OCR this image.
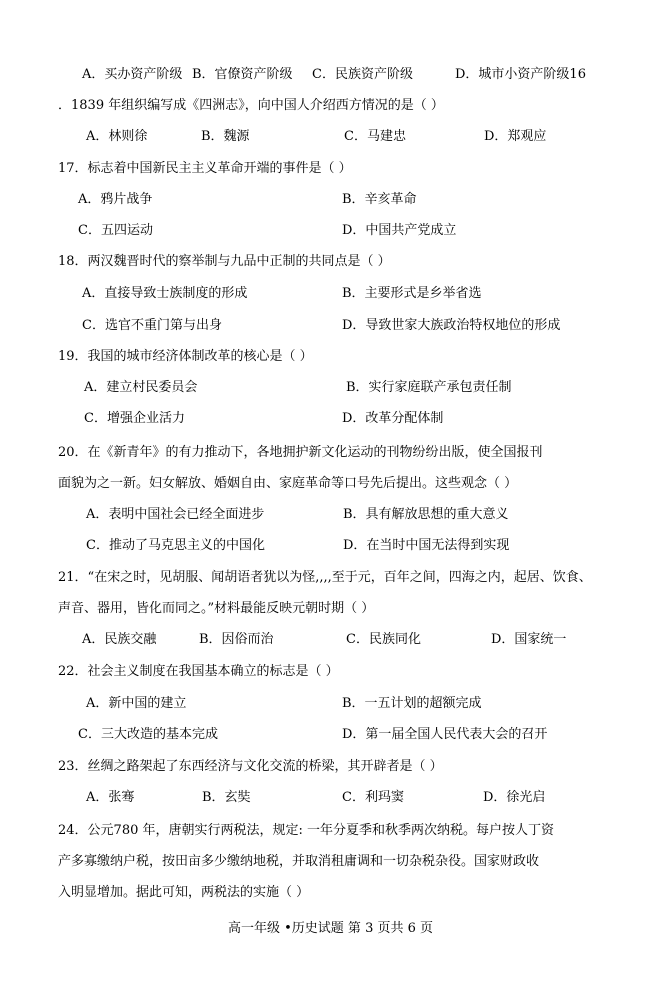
A．买办资产阶级 B．官僚资产阶级 C．民族资产阶级	D．城市小资产阶级16
．1839 年组织编写成《四洲志》，向中国人介绍西方情况的是（ ）
A．林则徐	B．魏源	C．马建忠	D．郑观应
17．标志着中国新民主主义革命开端的事件是（ ）
A．鸦片战争	B．辛亥革命
C．五四运动	D．中国共产党成立
18．两汉魏晋时代的察举制与九品中正制的共同点是（ ）
A．直接导致士族制度的形成	B．主要形式是乡举省选
C．选官不重门第与出身	D．导致世家大族政治特权地位的形成
19．我国的城市经济体制改革的核心是（ ）
A．建立村民委员会	B．实行家庭联产承包责任制
C．增强企业活力	D．改革分配体制
20．在《新青年》的有力推动下，各地拥护新文化运动的刊物纷纷出版，使全国报刊
面貌为之一新。妇女解放、婚姻自由、家庭革命等口号先后提出。这些观念（ ）
A．表明中国社会已经全面进步	B．具有解放思想的重大意义
C．推动了马克思主义的中国化	D．在当时中国无法得到实现
21．“在宋之时，见胡服、闻胡语者犹以为怪,,,,至于元，百年之间，四海之内，起居、饮食、
声音、器用，皆化而同之。”材料最能反映元朝时期（ ）
A．民族交融	B．因俗而治	C．民族同化	D．国家统一
22．社会主义制度在我国基本确立的标志是（ ）
A．新中国的建立	B．一五计划的超额完成
C．三大改造的基本完成	D．第一届全国人民代表大会的召开
23．丝绸之路架起了东西经济与文化交流的桥梁，其开辟者是（ ）
A．张骞	B．玄奘	C．利玛窦	D．徐光启
24．公元780 年，唐朝实行两税法，规定: 一年分夏季和秋季两次纳税。每户按人丁资
产多寡缴纳户税，按田亩多少缴纳地税，并取消租庸调和一切杂税杂役。国家财政收
入明显增加。据此可知，两税法的实施（ ）
高一年级 •历史试题 第 3 页共 6 页
